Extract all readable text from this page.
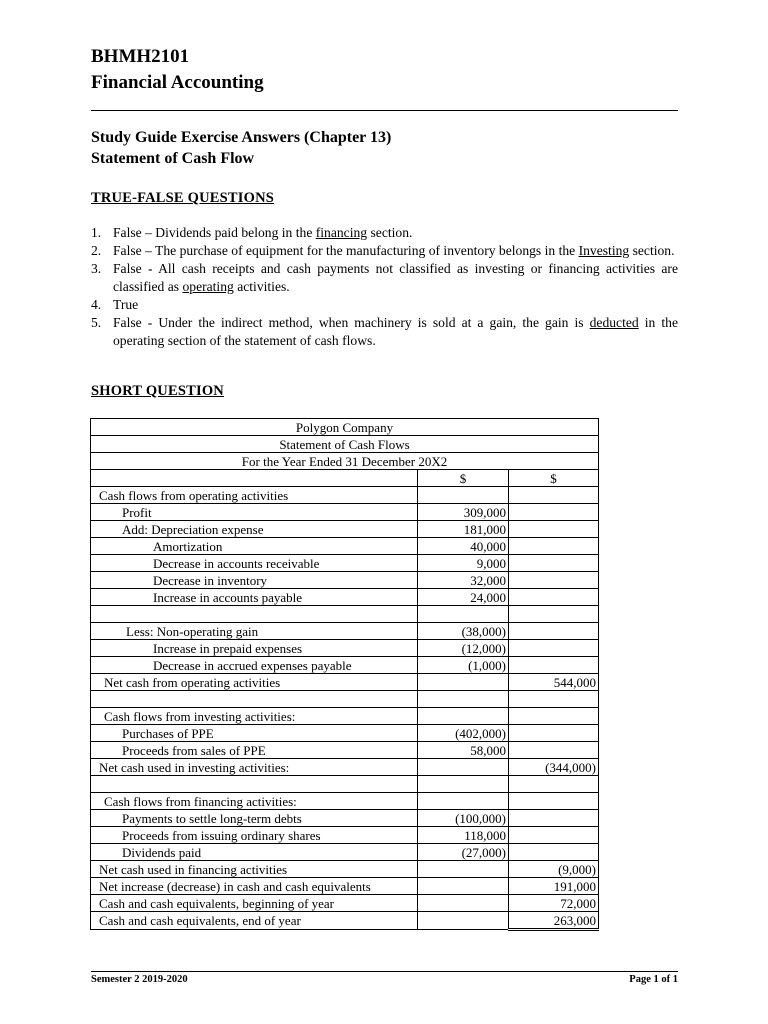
BHMH2101
Financial Accounting
Study Guide Exercise Answers (Chapter 13)
Statement of Cash Flow
TRUE-FALSE QUESTIONS
1. False – Dividends paid belong in the financing section.
2. False – The purchase of equipment for the manufacturing of inventory belongs in the Investing section.
3. False - All cash receipts and cash payments not classified as investing or financing activities are classified as operating activities.
4. True
5. False - Under the indirect method, when machinery is sold at a gain, the gain is deducted in the operating section of the statement of cash flows.
SHORT QUESTION
Polygon Company		
Statement of Cash Flows		
For the Year Ended 31 December 20X2		
	$	$
Cash flows from operating activities		
Profit	309,000	
Add: Depreciation expense	181,000	
Amortization	40,000	
Decrease in accounts receivable	9,000	
Decrease in inventory	32,000	
Increase in accounts payable	24,000	

Less: Non-operating gain	(38,000)	
Increase in prepaid expenses	(12,000)	
Decrease in accrued expenses payable	(1,000)	
Net cash from operating activities		544,000

Cash flows from investing activities:		
Purchases of PPE	(402,000)	
Proceeds from sales of PPE	58,000	
Net cash used in investing activities:		(344,000)

Cash flows from financing activities:		
Payments to settle long-term debts	(100,000)	
Proceeds from issuing ordinary shares	118,000	
Dividends paid	(27,000)	
Net cash used in financing activities		(9,000)
Net increase (decrease) in cash and cash equivalents		191,000
Cash and cash equivalents, beginning of year		72,000
Cash and cash equivalents, end of year		263,000
Semester 2 2019-2020	Page 1 of 1
